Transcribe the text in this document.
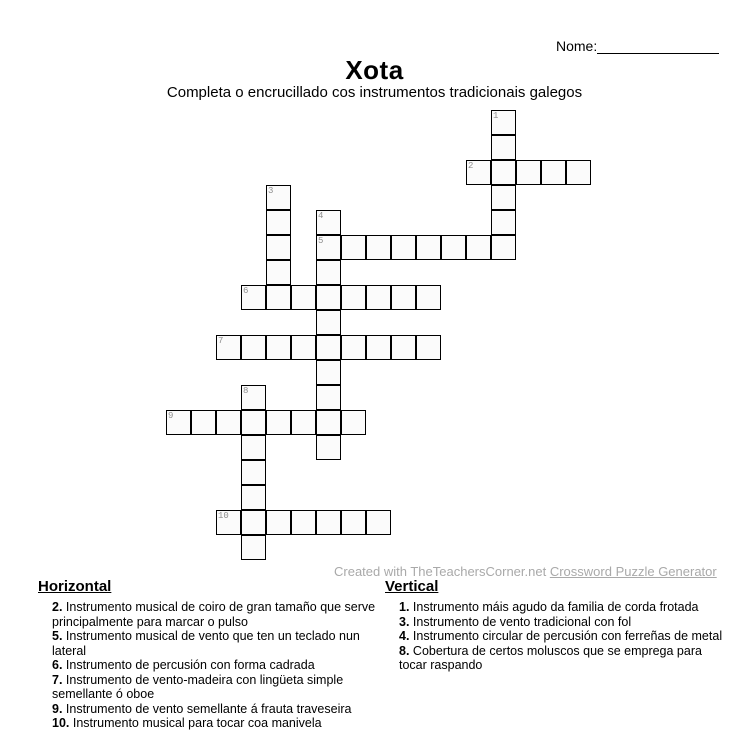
Nome:
Xota
Completa o encrucillado cos instrumentos tradicionais galegos
1
2
3
4
5
6
7
8
9
10
Created with TheTeachersCorner.net Crossword Puzzle Generator
Horizontal

2. Instrumento musical de coiro de gran tamaño que serve principalmente para marcar o pulso

5. Instrumento musical de vento que ten un teclado nun lateral

6. Instrumento de percusión con forma cadrada

7. Instrumento de vento-madeira con lingüeta simple semellante ó oboe

9. Instrumento de vento semellante á frauta traveseira

10. Instrumento musical para tocar coa manivela

Vertical

1. Instrumento máis agudo da familia de corda frotada

3. Instrumento de vento tradicional con fol

4. Instrumento circular de percusión con ferreñas de metal

8. Cobertura de certos moluscos que se emprega para tocar raspando
